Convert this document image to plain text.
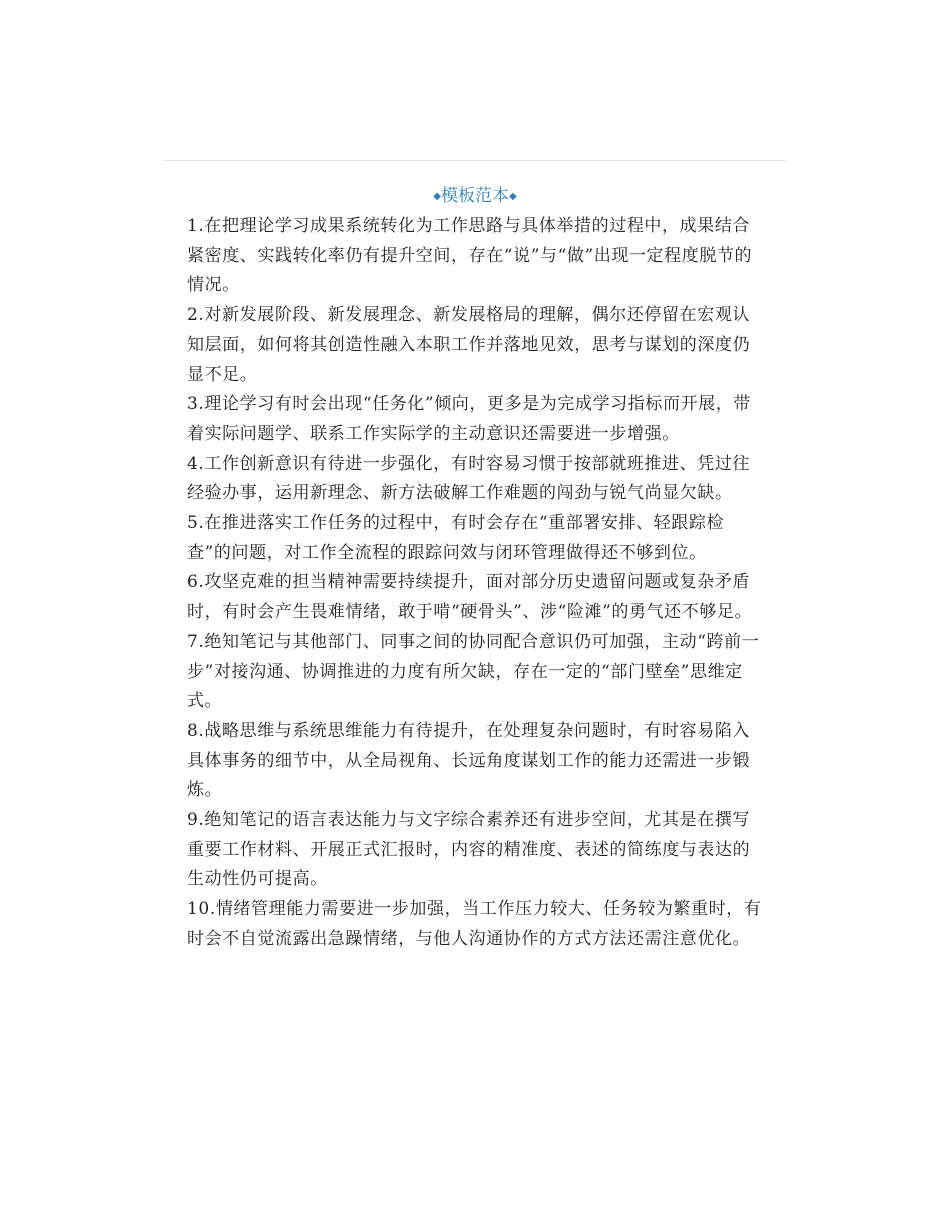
◆模板范本◆

1.在把理论学习成果系统转化为工作思路与具体举措的过程中，成果结合紧密度、实践转化率仍有提升空间，存在“说”与“做”出现一定程度脱节的情况。

2.对新发展阶段、新发展理念、新发展格局的理解，偶尔还停留在宏观认知层面，如何将其创造性融入本职工作并落地见效，思考与谋划的深度仍显不足。

3.理论学习有时会出现“任务化”倾向，更多是为完成学习指标而开展，带着实际问题学、联系工作实际学的主动意识还需要进一步增强。

4.工作创新意识有待进一步强化，有时容易习惯于按部就班推进、凭过往经验办事，运用新理念、新方法破解工作难题的闯劲与锐气尚显欠缺。

5.在推进落实工作任务的过程中，有时会存在“重部署安排、轻跟踪检查”的问题，对工作全流程的跟踪问效与闭环管理做得还不够到位。

6.攻坚克难的担当精神需要持续提升，面对部分历史遗留问题或复杂矛盾时，有时会产生畏难情绪，敢于啃“硬骨头”、涉“险滩”的勇气还不够足。

7.绝知笔记与其他部门、同事之间的协同配合意识仍可加强，主动“跨前一步”对接沟通、协调推进的力度有所欠缺，存在一定的“部门壁垒”思维定式。

8.战略思维与系统思维能力有待提升，在处理复杂问题时，有时容易陷入具体事务的细节中，从全局视角、长远角度谋划工作的能力还需进一步锻炼。

9.绝知笔记的语言表达能力与文字综合素养还有进步空间，尤其是在撰写重要工作材料、开展正式汇报时，内容的精准度、表述的简练度与表达的生动性仍可提高。

10.情绪管理能力需要进一步加强，当工作压力较大、任务较为繁重时，有时会不自觉流露出急躁情绪，与他人沟通协作的方式方法还需注意优化。
